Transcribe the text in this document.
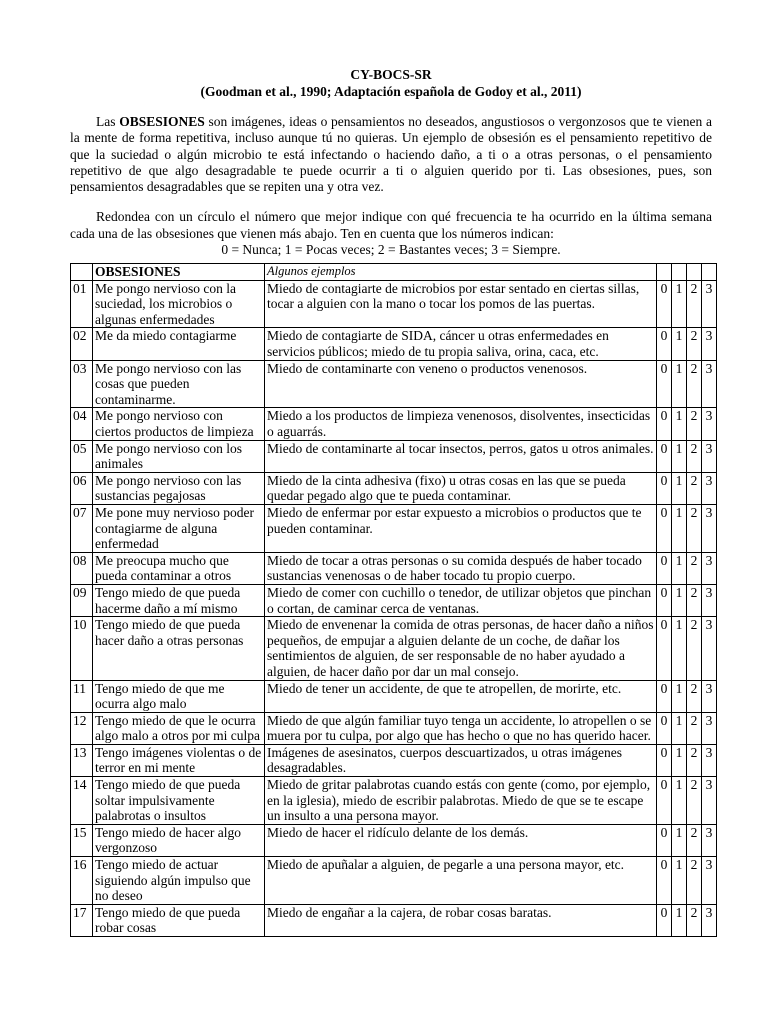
CY-BOCS-SR

(Goodman et al., 1990; Adaptación española de Godoy et al., 2011)

Las OBSESIONES son imágenes, ideas o pensamientos no deseados, angustiosos o vergonzosos que te vienen a la mente de forma repetitiva, incluso aunque tú no quieras. Un ejemplo de obsesión es el pensamiento repetitivo de que la suciedad o algún microbio te está infectando o haciendo daño, a ti o a otras personas, o el pensamiento repetitivo de que algo desagradable te puede ocurrir a ti o alguien querido por ti. Las obsesiones, pues, son pensamientos desagradables que se repiten una y otra vez.

Redondea con un círculo el número que mejor indique con qué frecuencia te ha ocurrido en la última semana cada una de las obsesiones que vienen más abajo. Ten en cuenta que los números indican:

0 = Nunca; 1 = Pocas veces; 2 = Bastantes veces; 3 = Siempre.

	OBSESIONES	Algunos ejemplos				
01	Me pongo nervioso con la suciedad, los microbios o algunas enfermedades	Miedo de contagiarte de microbios por estar sentado en ciertas sillas, tocar a alguien con la mano o tocar los pomos de las puertas.	0	1	2	3
02	Me da miedo contagiarme	Miedo de contagiarte de SIDA, cáncer u otras enfermedades en servicios públicos; miedo de tu propia saliva, orina, caca, etc.	0	1	2	3
03	Me pongo nervioso con las cosas que pueden contaminarme.	Miedo de contaminarte con veneno o productos venenosos.	0	1	2	3
04	Me pongo nervioso con ciertos productos de limpieza	Miedo a los productos de limpieza venenosos, disolventes, insecticidas o aguarrás.	0	1	2	3
05	Me pongo nervioso con los animales	Miedo de contaminarte al tocar insectos, perros, gatos u otros animales.	0	1	2	3
06	Me pongo nervioso con las sustancias pegajosas	Miedo de la cinta adhesiva (fixo) u otras cosas en las que se pueda quedar pegado algo que te pueda contaminar.	0	1	2	3
07	Me pone muy nervioso poder contagiarme de alguna enfermedad	Miedo de enfermar por estar expuesto a microbios o productos que te pueden contaminar.	0	1	2	3
08	Me preocupa mucho que pueda contaminar a otros	Miedo de tocar a otras personas o su comida después de haber tocado sustancias venenosas o de haber tocado tu propio cuerpo.	0	1	2	3
09	Tengo miedo de que pueda hacerme daño a mí mismo	Miedo de comer con cuchillo o tenedor, de utilizar objetos que pinchan o cortan, de caminar cerca de ventanas.	0	1	2	3
10	Tengo miedo de que pueda hacer daño a otras personas	Miedo de envenenar la comida de otras personas, de hacer daño a niños pequeños, de empujar a alguien delante de un coche, de dañar los sentimientos de alguien, de ser responsable de no haber ayudado a alguien, de hacer daño por dar un mal consejo.	0	1	2	3
11	Tengo miedo de que me ocurra algo malo	Miedo de tener un accidente, de que te atropellen, de morirte, etc.	0	1	2	3
12	Tengo miedo de que le ocurra algo malo a otros por mi culpa	Miedo de que algún familiar tuyo tenga un accidente, lo atropellen o se muera por tu culpa, por algo que has hecho o que no has querido hacer.	0	1	2	3
13	Tengo imágenes violentas o de terror en mi mente	Imágenes de asesinatos, cuerpos descuartizados, u otras imágenes desagradables.	0	1	2	3
14	Tengo miedo de que pueda soltar impulsivamente palabrotas o insultos	Miedo de gritar palabrotas cuando estás con gente (como, por ejemplo, en la iglesia), miedo de escribir palabrotas. Miedo de que se te escape un insulto a una persona mayor.	0	1	2	3
15	Tengo miedo de hacer algo vergonzoso	Miedo de hacer el ridículo delante de los demás.	0	1	2	3
16	Tengo miedo de actuar siguiendo algún impulso que no deseo	Miedo de apuñalar a alguien, de pegarle a una persona mayor, etc.	0	1	2	3
17	Tengo miedo de que pueda robar cosas	Miedo de engañar a la cajera, de robar cosas baratas.	0	1	2	3
